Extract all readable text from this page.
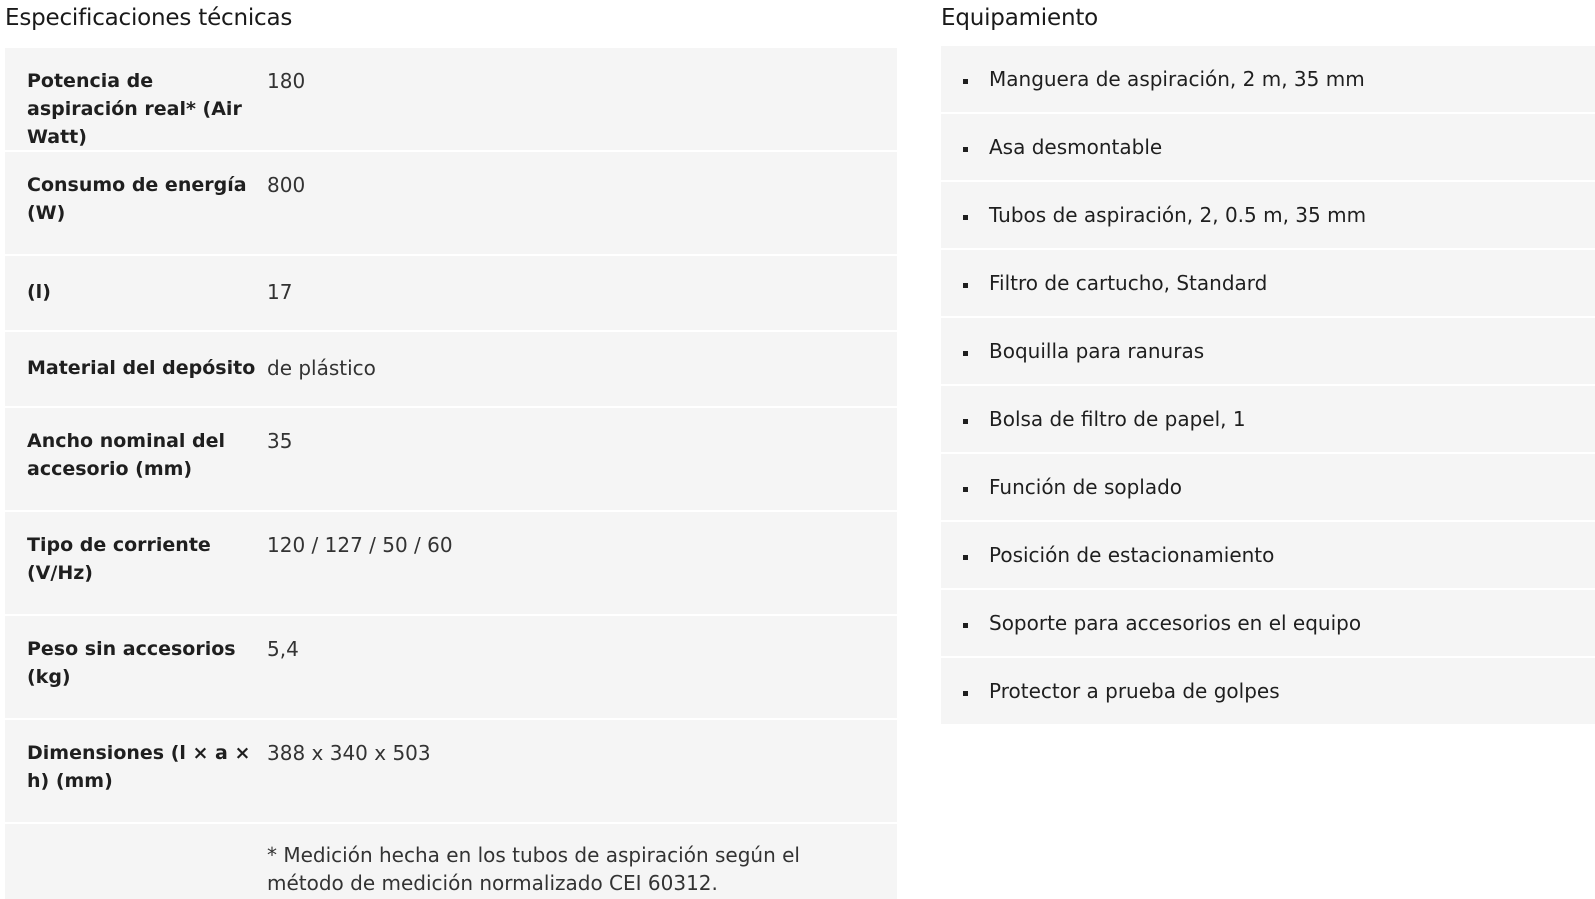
Especificaciones técnicas
Potencia de aspiración real* (Air Watt)
180
Consumo de energía (W)
800
(l)	17
Material del depósito de plástico
Ancho nominal del accesorio (mm)
35
Tipo de corriente (V/Hz)
120 / 127 / 50 / 60
Peso sin accesorios (kg)
5,4
Dimensiones (l × a × h) (mm)
388 x 340 x 503
* Medición hecha en los tubos de aspiración según el método de medición normalizado CEI 60312.
Equipamiento
Manguera de aspiración, 2 m, 35 mm
Asa desmontable
Tubos de aspiración, 2, 0.5 m, 35 mm
Filtro de cartucho, Standard
Boquilla para ranuras
Bolsa de filtro de papel, 1
Función de soplado
Posición de estacionamiento
Soporte para accesorios en el equipo
Protector a prueba de golpes
